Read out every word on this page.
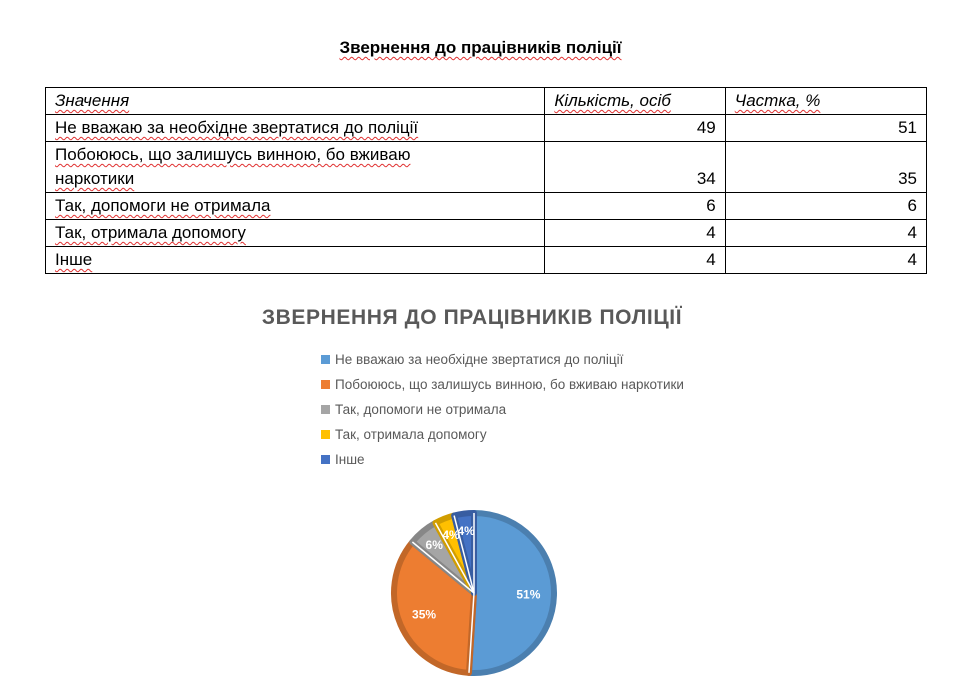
Звернення до працівників поліції
Значення	Кількість, осіб	Частка, %
Не вважаю за необхідне звертатися до поліції	49	51

Побоююсь, що залишусь винною, бо вживаю
наркотики	34	35
Так, допомоги не отримала	6	6
Так, отримала допомогу	4	4
Інше	4	4
ЗВЕРНЕННЯ ДО ПРАЦІВНИКІВ ПОЛІЦІЇ
Не вважаю за необхідне звертатися до поліції
Побоююсь, що залишусь винною, бо вживаю наркотики
Так, допомоги не отримала
Так, отримала допомогу
Інше
51%
35%
6%
4%
4%
